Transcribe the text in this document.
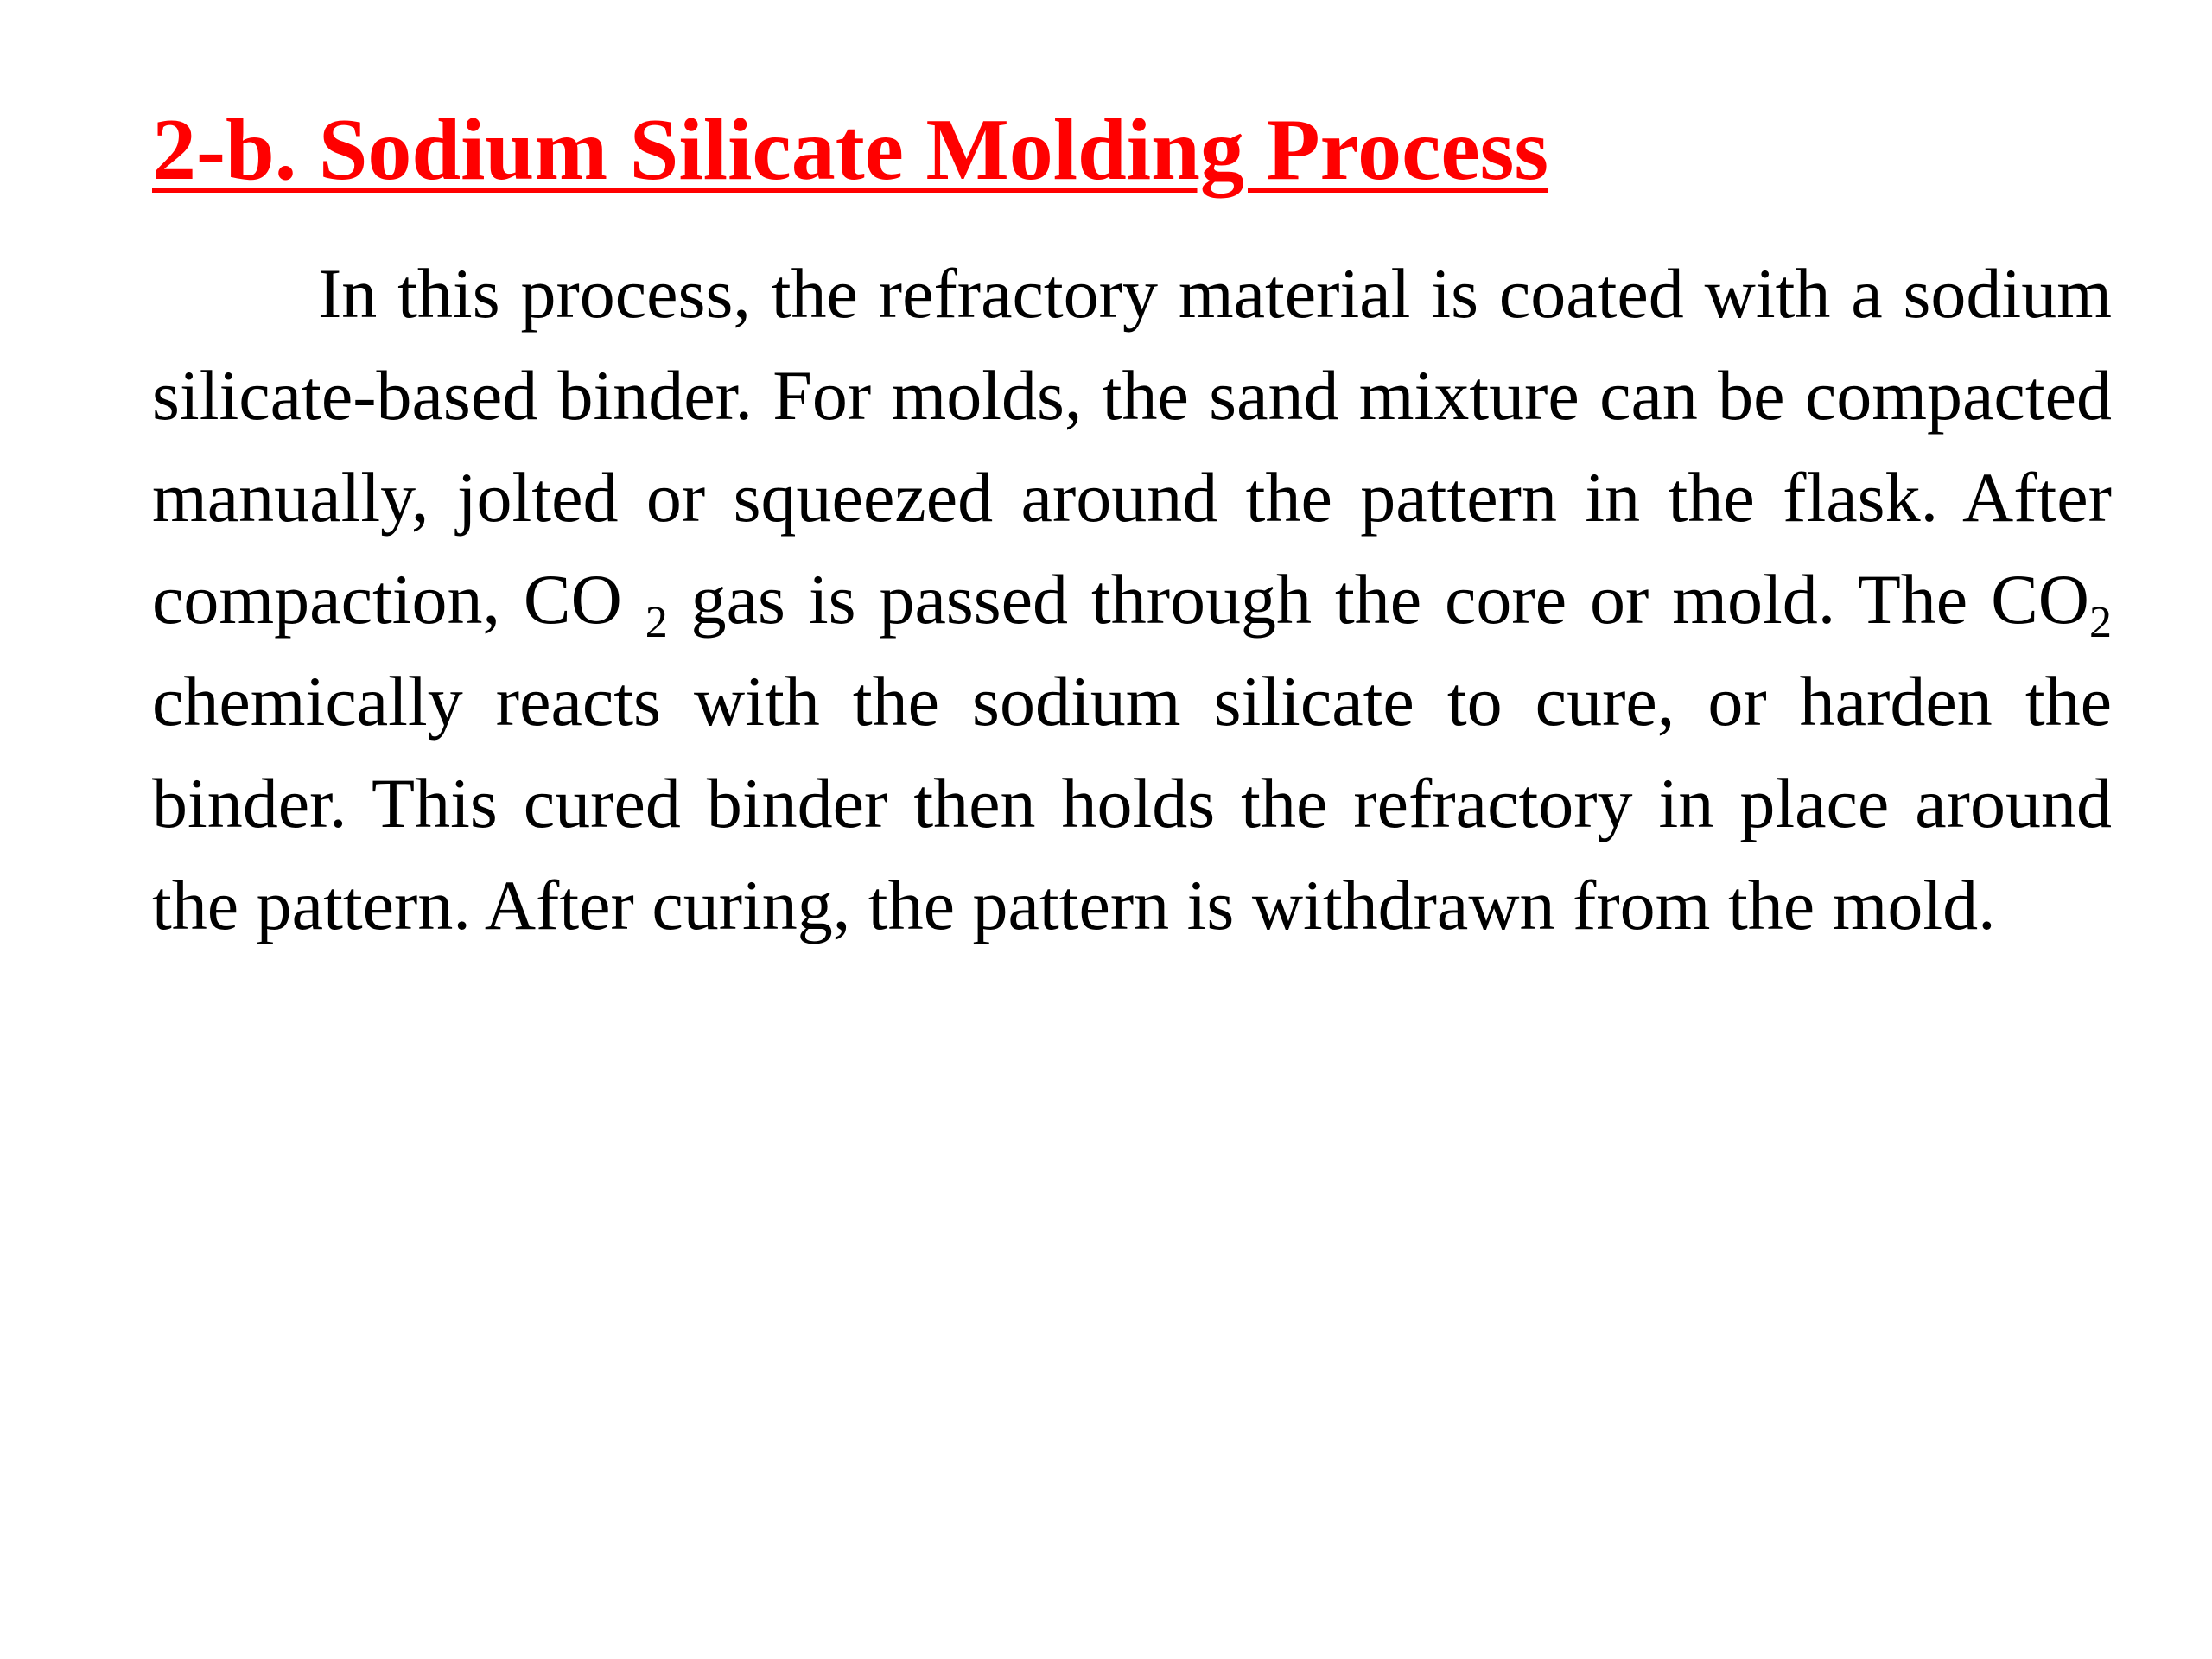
2-b. Sodium Silicate Molding Process

In this process, the refractory material is coated with a sodium silicate-based binder. For molds, the sand mixture can be compacted manually, jolted or squeezed around the pattern in the flask. After compaction, CO $_2$ gas is passed through the core or mold. The $CO_2$ chemically reacts with the sodium silicate to cure, or harden the binder. This cured binder then holds the refractory in place around the pattern. After curing, the pattern is withdrawn from the mold.
